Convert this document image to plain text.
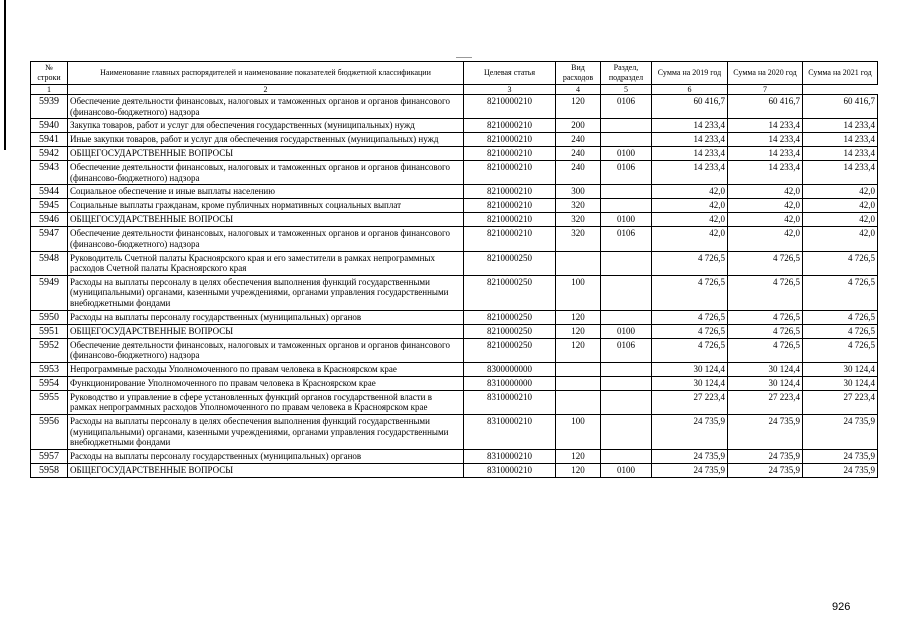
№ строки	Наименование главных распорядителей и наименование показателей бюджетной классификации	Целевая статья	Вид расходов	Раздел, подраздел	Сумма на 2019 год	Сумма на 2020 год	Сумма на 2021 год
1	2	3	4	5	6	7	
5939	Обеспечение деятельности финансовых, налоговых и таможенных органов и органов финансового (финансово-бюджетного) надзора	8210000210	120	0106	60 416,7	60 416,7	60 416,7
5940	Закупка товаров, работ и услуг для обеспечения государственных (муниципальных) нужд	8210000210	200		14 233,4	14 233,4	14 233,4
5941	Иные закупки товаров, работ и услуг для обеспечения государственных (муниципальных) нужд	8210000210	240		14 233,4	14 233,4	14 233,4
5942	ОБЩЕГОСУДАРСТВЕННЫЕ ВОПРОСЫ	8210000210	240	0100	14 233,4	14 233,4	14 233,4
5943	Обеспечение деятельности финансовых, налоговых и таможенных органов и органов финансового (финансово-бюджетного) надзора	8210000210	240	0106	14 233,4	14 233,4	14 233,4
5944	Социальное обеспечение и иные выплаты населению	8210000210	300		42,0	42,0	42,0
5945	Социальные выплаты гражданам, кроме публичных нормативных социальных выплат	8210000210	320		42,0	42,0	42,0
5946	ОБЩЕГОСУДАРСТВЕННЫЕ ВОПРОСЫ	8210000210	320	0100	42,0	42,0	42,0
5947	Обеспечение деятельности финансовых, налоговых и таможенных органов и органов финансового (финансово-бюджетного) надзора	8210000210	320	0106	42,0	42,0	42,0
5948	Руководитель Счетной палаты Красноярского края и его заместители в рамках непрограммных расходов Счетной палаты Красноярского края	8210000250			4 726,5	4 726,5	4 726,5
5949	Расходы на выплаты персоналу в целях обеспечения выполнения функций государственными (муниципальными) органами, казенными учреждениями, органами управления государственными внебюджетными фондами	8210000250	100		4 726,5	4 726,5	4 726,5
5950	Расходы на выплаты персоналу государственных (муниципальных) органов	8210000250	120		4 726,5	4 726,5	4 726,5
5951	ОБЩЕГОСУДАРСТВЕННЫЕ ВОПРОСЫ	8210000250	120	0100	4 726,5	4 726,5	4 726,5
5952	Обеспечение деятельности финансовых, налоговых и таможенных органов и органов финансового (финансово-бюджетного) надзора	8210000250	120	0106	4 726,5	4 726,5	4 726,5
5953	Непрограммные расходы Уполномоченного по правам человека в Красноярском крае	8300000000			30 124,4	30 124,4	30 124,4
5954	Функционирование Уполномоченного по правам человека в Красноярском крае	8310000000			30 124,4	30 124,4	30 124,4
5955	Руководство и управление в сфере установленных функций органов государственной власти в рамках непрограммных расходов Уполномоченного по правам человека в Красноярском крае	8310000210			27 223,4	27 223,4	27 223,4
5956	Расходы на выплаты персоналу в целях обеспечения выполнения функций государственными (муниципальными) органами, казенными учреждениями, органами управления государственными внебюджетными фондами	8310000210	100		24 735,9	24 735,9	24 735,9
5957	Расходы на выплаты персоналу государственных (муниципальных) органов	8310000210	120		24 735,9	24 735,9	24 735,9
5958	ОБЩЕГОСУДАРСТВЕННЫЕ ВОПРОСЫ	8310000210	120	0100	24 735,9	24 735,9	24 735,9
926
